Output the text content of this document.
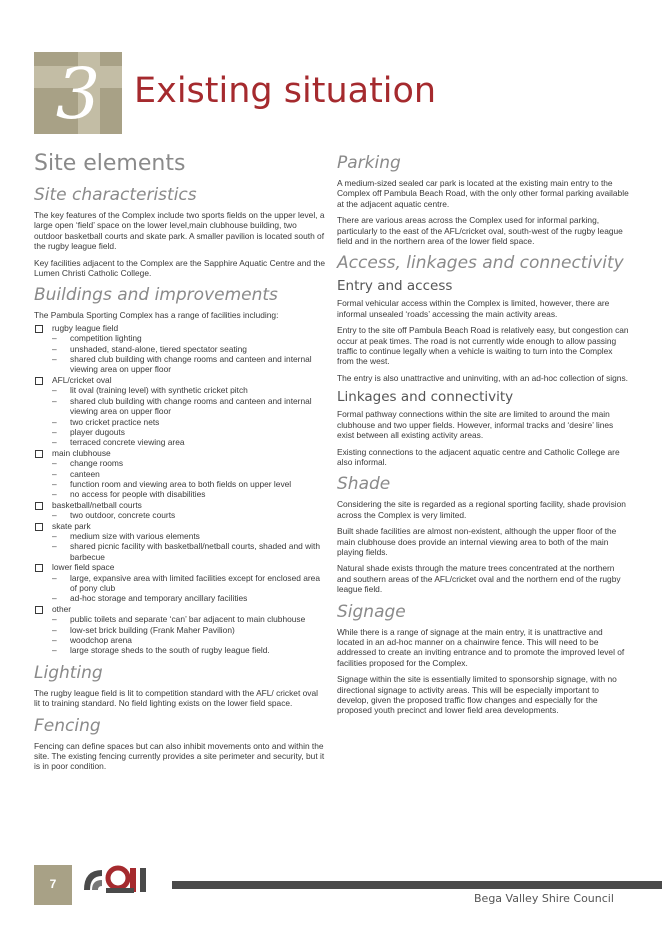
3 Existing situation
Site elements
Site characteristics

The key features of the Complex include two sports fields on the upper level, a large open ‘field’ space on the lower level,main clubhouse building, two outdoor basketball courts and skate park. A smaller pavilion is located south of the rugby league field.

Key facilities adjacent to the Complex are the Sapphire Aquatic Centre and the Lumen Christi Catholic College.

Buildings and improvements

The Pambula Sporting Complex has a range of facilities including:

rugby league field
– competition lighting
– unshaded, stand-alone, tiered spectator seating
– shared club building with change rooms and canteen and internal viewing area on upper floor
AFL/cricket oval
– lit oval (training level) with synthetic cricket pitch
– shared club building with change rooms and canteen and internal viewing area on upper floor
– two cricket practice nets
– player dugouts
– terraced concrete viewing area
main clubhouse
– change rooms
– canteen
– function room and viewing area to both fields on upper level
– no access for people with disabilities
basketball/netball courts
– two outdoor, concrete courts
skate park
– medium size with various elements
– shared picnic facility with basketball/netball courts, shaded and with barbecue
lower field space
– large, expansive area with limited facilities except for enclosed area of pony club
– ad-hoc storage and temporary ancillary facilities
other
– public toilets and separate ‘can’ bar adjacent to main clubhouse
– low-set brick building (Frank Maher Pavilion)
– woodchop arena
– large storage sheds to the south of rugby league field.
Lighting

The rugby league field is lit to competition standard with the AFL/ cricket oval lit to training standard. No field lighting exists on the lower field space.

Fencing

Fencing can define spaces but can also inhibit movements onto and within the site. The existing fencing currently provides a site perimeter and security, but it is in poor condition.

Parking

A medium-sized sealed car park is located at the existing main entry to the Complex off Pambula Beach Road, with the only other formal parking available at the adjacent aquatic centre.

There are various areas across the Complex used for informal parking, particularly to the east of the AFL/cricket oval, south-west of the rugby league field and in the northern area of the lower field space.

Access, linkages and connectivity
Entry and access

Formal vehicular access within the Complex is limited, however, there are informal unsealed ‘roads’ accessing the main activity areas.

Entry to the site off Pambula Beach Road is relatively easy, but congestion can occur at peak times. The road is not currently wide enough to allow passing traffic to continue legally when a vehicle is waiting to turn into the Complex from the west.

The entry is also unattractive and uninviting, with an ad-hoc collection of signs.

Linkages and connectivity

Formal pathway connections within the site are limited to around the main clubhouse and two upper fields. However, informal tracks and ‘desire’ lines exist between all existing activity areas.

Existing connections to the adjacent aquatic centre and Catholic College are also informal.

Shade

Considering the site is regarded as a regional sporting facility, shade provision across the Complex is very limited.

Built shade facilities are almost non-existent, although the upper floor of the main clubhouse does provide an internal viewing area to both of the main playing fields.

Natural shade exists through the mature trees concentrated at the northern and southern areas of the AFL/cricket oval and the northern end of the rugby league field.

Signage

While there is a range of signage at the main entry, it is unattractive and located in an ad-hoc manner on a chainwire fence. This will need to be addressed to create an inviting entrance and to promote the improved level of facilities proposed for the Complex.

Signage within the site is essentially limited to sponsorship signage, with no directional signage to activity areas. This will be especially important to develop, given the proposed traffic flow changes and especially for the proposed youth precinct and lower field area developments.

7
Bega Valley Shire Council
